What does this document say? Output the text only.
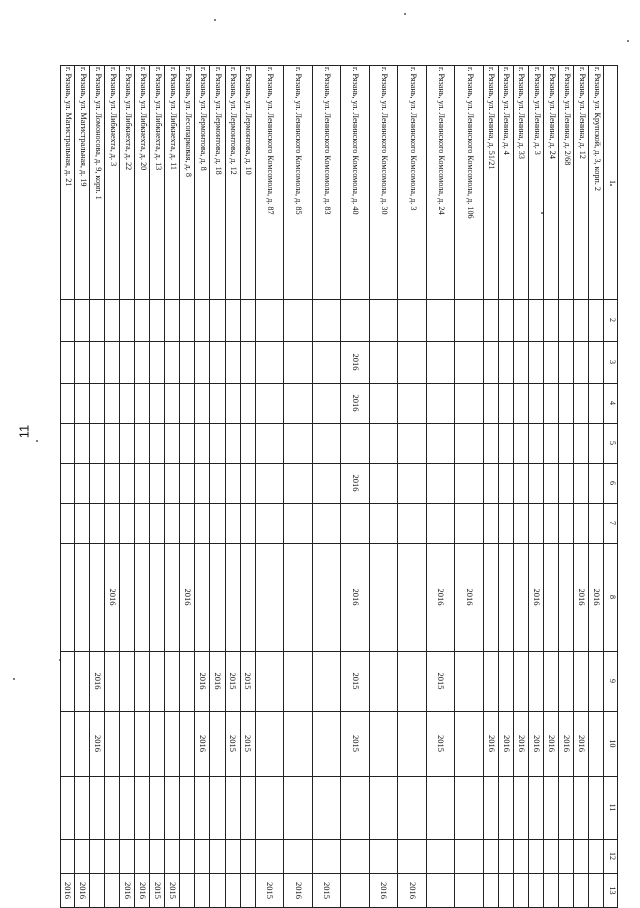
11
1
2
3
4
5
6
7
8
9
10
11
12
13
г. Рязань, ул. Крупской, д. 3, корп. 2
2016
г. Рязань, ул. Ленина, д. 12
2016
2016
г. Рязань, ул. Ленина, д. 2/68
2016
г. Рязань, ул. Ленина, д. 24
2016
г. Рязань, ул. Ленина, д. 3
2016
2016
г. Рязань, ул. Ленина, д. 33
2016
г. Рязань, ул. Ленина, д. 4
2016
г. Рязань, ул. Ленина, д. 51/21
2016
г. Рязань, ул. Ленинского Комсомола, д. 106
2016
г. Рязань, ул. Ленинского Комсомола, д. 24
2016
2015
2015
г. Рязань, ул. Ленинского Комсомола, д. 3
2016
г. Рязань, ул. Ленинского Комсомола, д. 30
2016
г. Рязань, ул. Ленинского Комсомола, д. 40
2016
2016
2016
2016
2015
2015
г. Рязань, ул. Ленинского Комсомола, д. 83
2015
г. Рязань, ул. Ленинского Комсомола, д. 85
2016
г. Рязань, ул. Ленинского Комсомола, д. 87
2015
г. Рязань, ул. Лермонтова, д. 10
2015
2015
г. Рязань, ул. Лермонтова, д. 12
2015
2015
г. Рязань, ул. Лермонтова, д. 18
2016
г. Рязань, ул. Лермонтова, д. 8
2016
2016
г. Рязань, ул. Лесопарковая, д. 8
2016
г. Рязань, ул. Либкнехта, д. 11
2015
г. Рязань, ул. Либкнехта, д. 13
2015
г. Рязань, ул. Либкнехта, д. 20
2016
г. Рязань, ул. Либкнехта, д. 22
2016
г. Рязань, ул. Либкнехта, д. 3
2016
г. Рязань, ул. Ломоносова, д. 9, корп. 1
2016
2016
г. Рязань, ул. Магистральная, д. 19
2016
г. Рязань, ул. Магистральная, д. 21
2016
